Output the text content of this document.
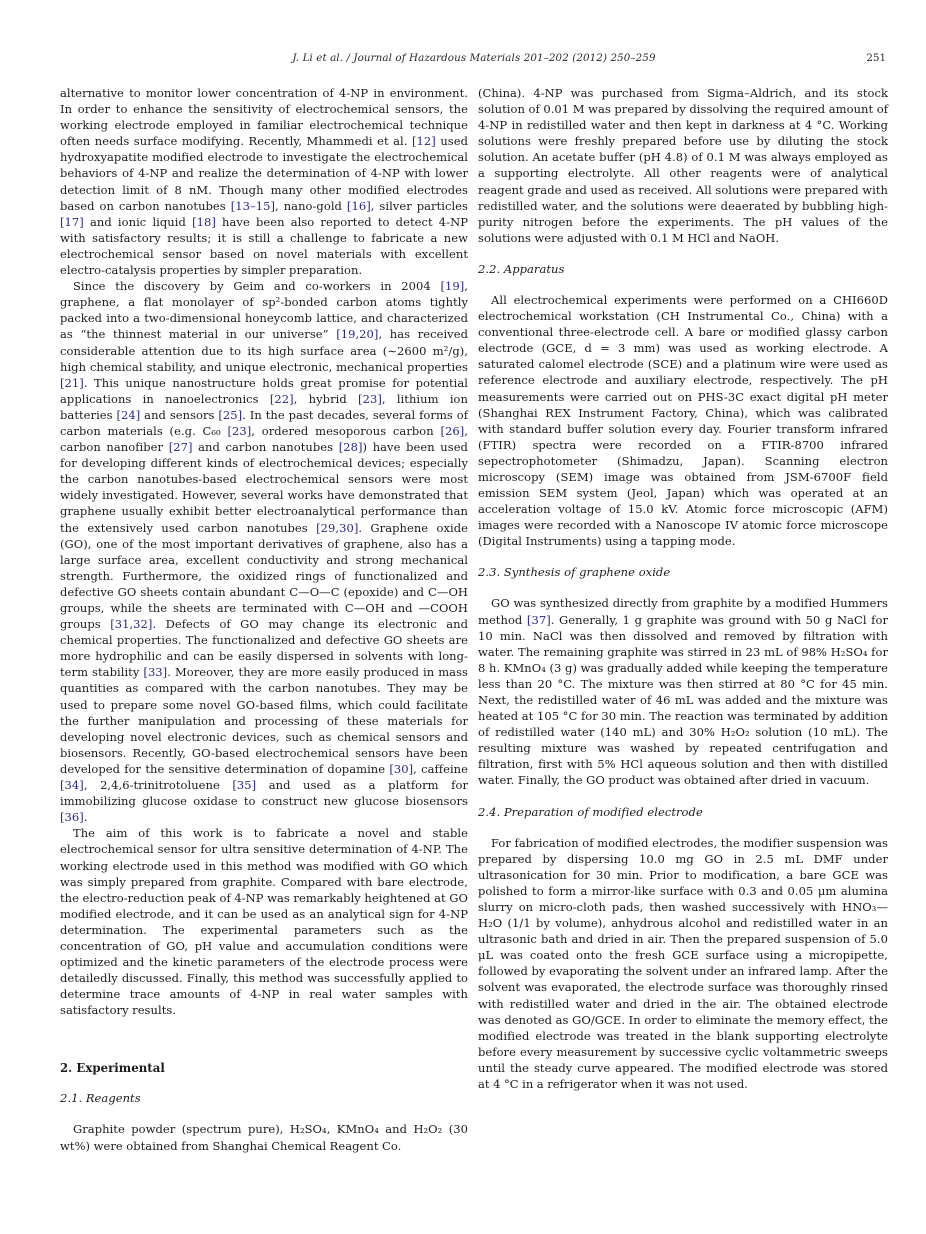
J. Li et al. / Journal of Hazardous Materials 201–202 (2012) 250–259	251

alternative to monitor lower concentration of 4-NP in environment. In order to enhance the sensitivity of electrochemical sensors, the working electrode employed in familiar electrochemical technique often needs surface modifying. Recently, Mhammedi et al. [12] used hydroxyapatite modified electrode to investigate the electrochemical behaviors of 4-NP and realize the determination of 4-NP with lower detection limit of 8 nM. Though many other modified electrodes based on carbon nanotubes [13–15], nano-gold [16], silver particles [17] and ionic liquid [18] have been also reported to detect 4-NP with satisfactory results; it is still a challenge to fabricate a new electrochemical sensor based on novel materials with excellent electro-catalysis properties by simpler preparation.

Since the discovery by Geim and co-workers in 2004 [19], graphene, a flat monolayer of sp²-bonded carbon atoms tightly packed into a two-dimensional honeycomb lattice, and characterized as “the thinnest material in our universe” [19,20], has received considerable attention due to its high surface area (∼2600 m²/g), high chemical stability, and unique electronic, mechanical properties [21]. This unique nanostructure holds great promise for potential applications in nanoelectronics [22], hybrid [23], lithium ion batteries [24] and sensors [25]. In the past decades, several forms of carbon materials (e.g. C₆₀ [23], ordered mesoporous carbon [26], carbon nanofiber [27] and carbon nanotubes [28]) have been used for developing different kinds of electrochemical devices; especially the carbon nanotubes-based electrochemical sensors were most widely investigated. However, several works have demonstrated that graphene usually exhibit better electroanalytical performance than the extensively used carbon nanotubes [29,30]. Graphene oxide (GO), one of the most important derivatives of graphene, also has a large surface area, excellent conductivity and strong mechanical strength. Furthermore, the oxidized rings of functionalized and defective GO sheets contain abundant C—O—C (epoxide) and C—OH groups, while the sheets are terminated with C—OH and —COOH groups [31,32]. Defects of GO may change its electronic and chemical properties. The functionalized and defective GO sheets are more hydrophilic and can be easily dispersed in solvents with long-term stability [33]. Moreover, they are more easily produced in mass quantities as compared with the carbon nanotubes. They may be used to prepare some novel GO-based films, which could facilitate the further manipulation and processing of these materials for developing novel electronic devices, such as chemical sensors and biosensors. Recently, GO-based electrochemical sensors have been developed for the sensitive determination of dopamine [30], caffeine [34], 2,4,6-trinitrotoluene [35] and used as a platform for immobilizing glucose oxidase to construct new glucose biosensors [36].

The aim of this work is to fabricate a novel and stable electrochemical sensor for ultra sensitive determination of 4-NP. The working electrode used in this method was modified with GO which was simply prepared from graphite. Compared with bare electrode, the electro-reduction peak of 4-NP was remarkably heightened at GO modified electrode, and it can be used as an analytical sign for 4-NP determination. The experimental parameters such as the concentration of GO, pH value and accumulation conditions were optimized and the kinetic parameters of the electrode process were detailedly discussed. Finally, this method was successfully applied to determine trace amounts of 4-NP in real water samples with satisfactory results.

2. Experimental
2.1. Reagents

Graphite powder (spectrum pure), H₂SO₄, KMnO₄ and H₂O₂ (30 wt%) were obtained from Shanghai Chemical Reagent Co.

(China). 4-NP was purchased from Sigma–Aldrich, and its stock solution of 0.01 M was prepared by dissolving the required amount of 4-NP in redistilled water and then kept in darkness at 4 °C. Working solutions were freshly prepared before use by diluting the stock solution. An acetate buffer (pH 4.8) of 0.1 M was always employed as a supporting electrolyte. All other reagents were of analytical reagent grade and used as received. All solutions were prepared with redistilled water, and the solutions were deaerated by bubbling high-purity nitrogen before the experiments. The pH values of the solutions were adjusted with 0.1 M HCl and NaOH.

2.2. Apparatus

All electrochemical experiments were performed on a CHI660D electrochemical workstation (CH Instrumental Co., China) with a conventional three-electrode cell. A bare or modified glassy carbon electrode (GCE, d = 3 mm) was used as working electrode. A saturated calomel electrode (SCE) and a platinum wire were used as reference electrode and auxiliary electrode, respectively. The pH measurements were carried out on PHS-3C exact digital pH meter (Shanghai REX Instrument Factory, China), which was calibrated with standard buffer solution every day. Fourier transform infrared (FTIR) spectra were recorded on a FTIR-8700 infrared sepectrophotometer (Shimadzu, Japan). Scanning electron microscopy (SEM) image was obtained from JSM-6700F field emission SEM system (Jeol, Japan) which was operated at an acceleration voltage of 15.0 kV. Atomic force microscopic (AFM) images were recorded with a Nanoscope IV atomic force microscope (Digital Instruments) using a tapping mode.

2.3. Synthesis of graphene oxide

GO was synthesized directly from graphite by a modified Hummers method [37]. Generally, 1 g graphite was ground with 50 g NaCl for 10 min. NaCl was then dissolved and removed by filtration with water. The remaining graphite was stirred in 23 mL of 98% H₂SO₄ for 8 h. KMnO₄ (3 g) was gradually added while keeping the temperature less than 20 °C. The mixture was then stirred at 80 °C for 45 min. Next, the redistilled water of 46 mL was added and the mixture was heated at 105 °C for 30 min. The reaction was terminated by addition of redistilled water (140 mL) and 30% H₂O₂ solution (10 mL). The resulting mixture was washed by repeated centrifugation and filtration, first with 5% HCl aqueous solution and then with distilled water. Finally, the GO product was obtained after dried in vacuum.

2.4. Preparation of modified electrode

For fabrication of modified electrodes, the modifier suspension was prepared by dispersing 10.0 mg GO in 2.5 mL DMF under ultrasonication for 30 min. Prior to modification, a bare GCE was polished to form a mirror-like surface with 0.3 and 0.05 μm alumina slurry on micro-cloth pads, then washed successively with HNO₃—H₂O (1/1 by volume), anhydrous alcohol and redistilled water in an ultrasonic bath and dried in air. Then the prepared suspension of 5.0 μL was coated onto the fresh GCE surface using a micropipette, followed by evaporating the solvent under an infrared lamp. After the solvent was evaporated, the electrode surface was thoroughly rinsed with redistilled water and dried in the air. The obtained electrode was denoted as GO/GCE. In order to eliminate the memory effect, the modified electrode was treated in the blank supporting electrolyte before every measurement by successive cyclic voltammetric sweeps until the steady curve appeared. The modified electrode was stored at 4 °C in a refrigerator when it was not used.
